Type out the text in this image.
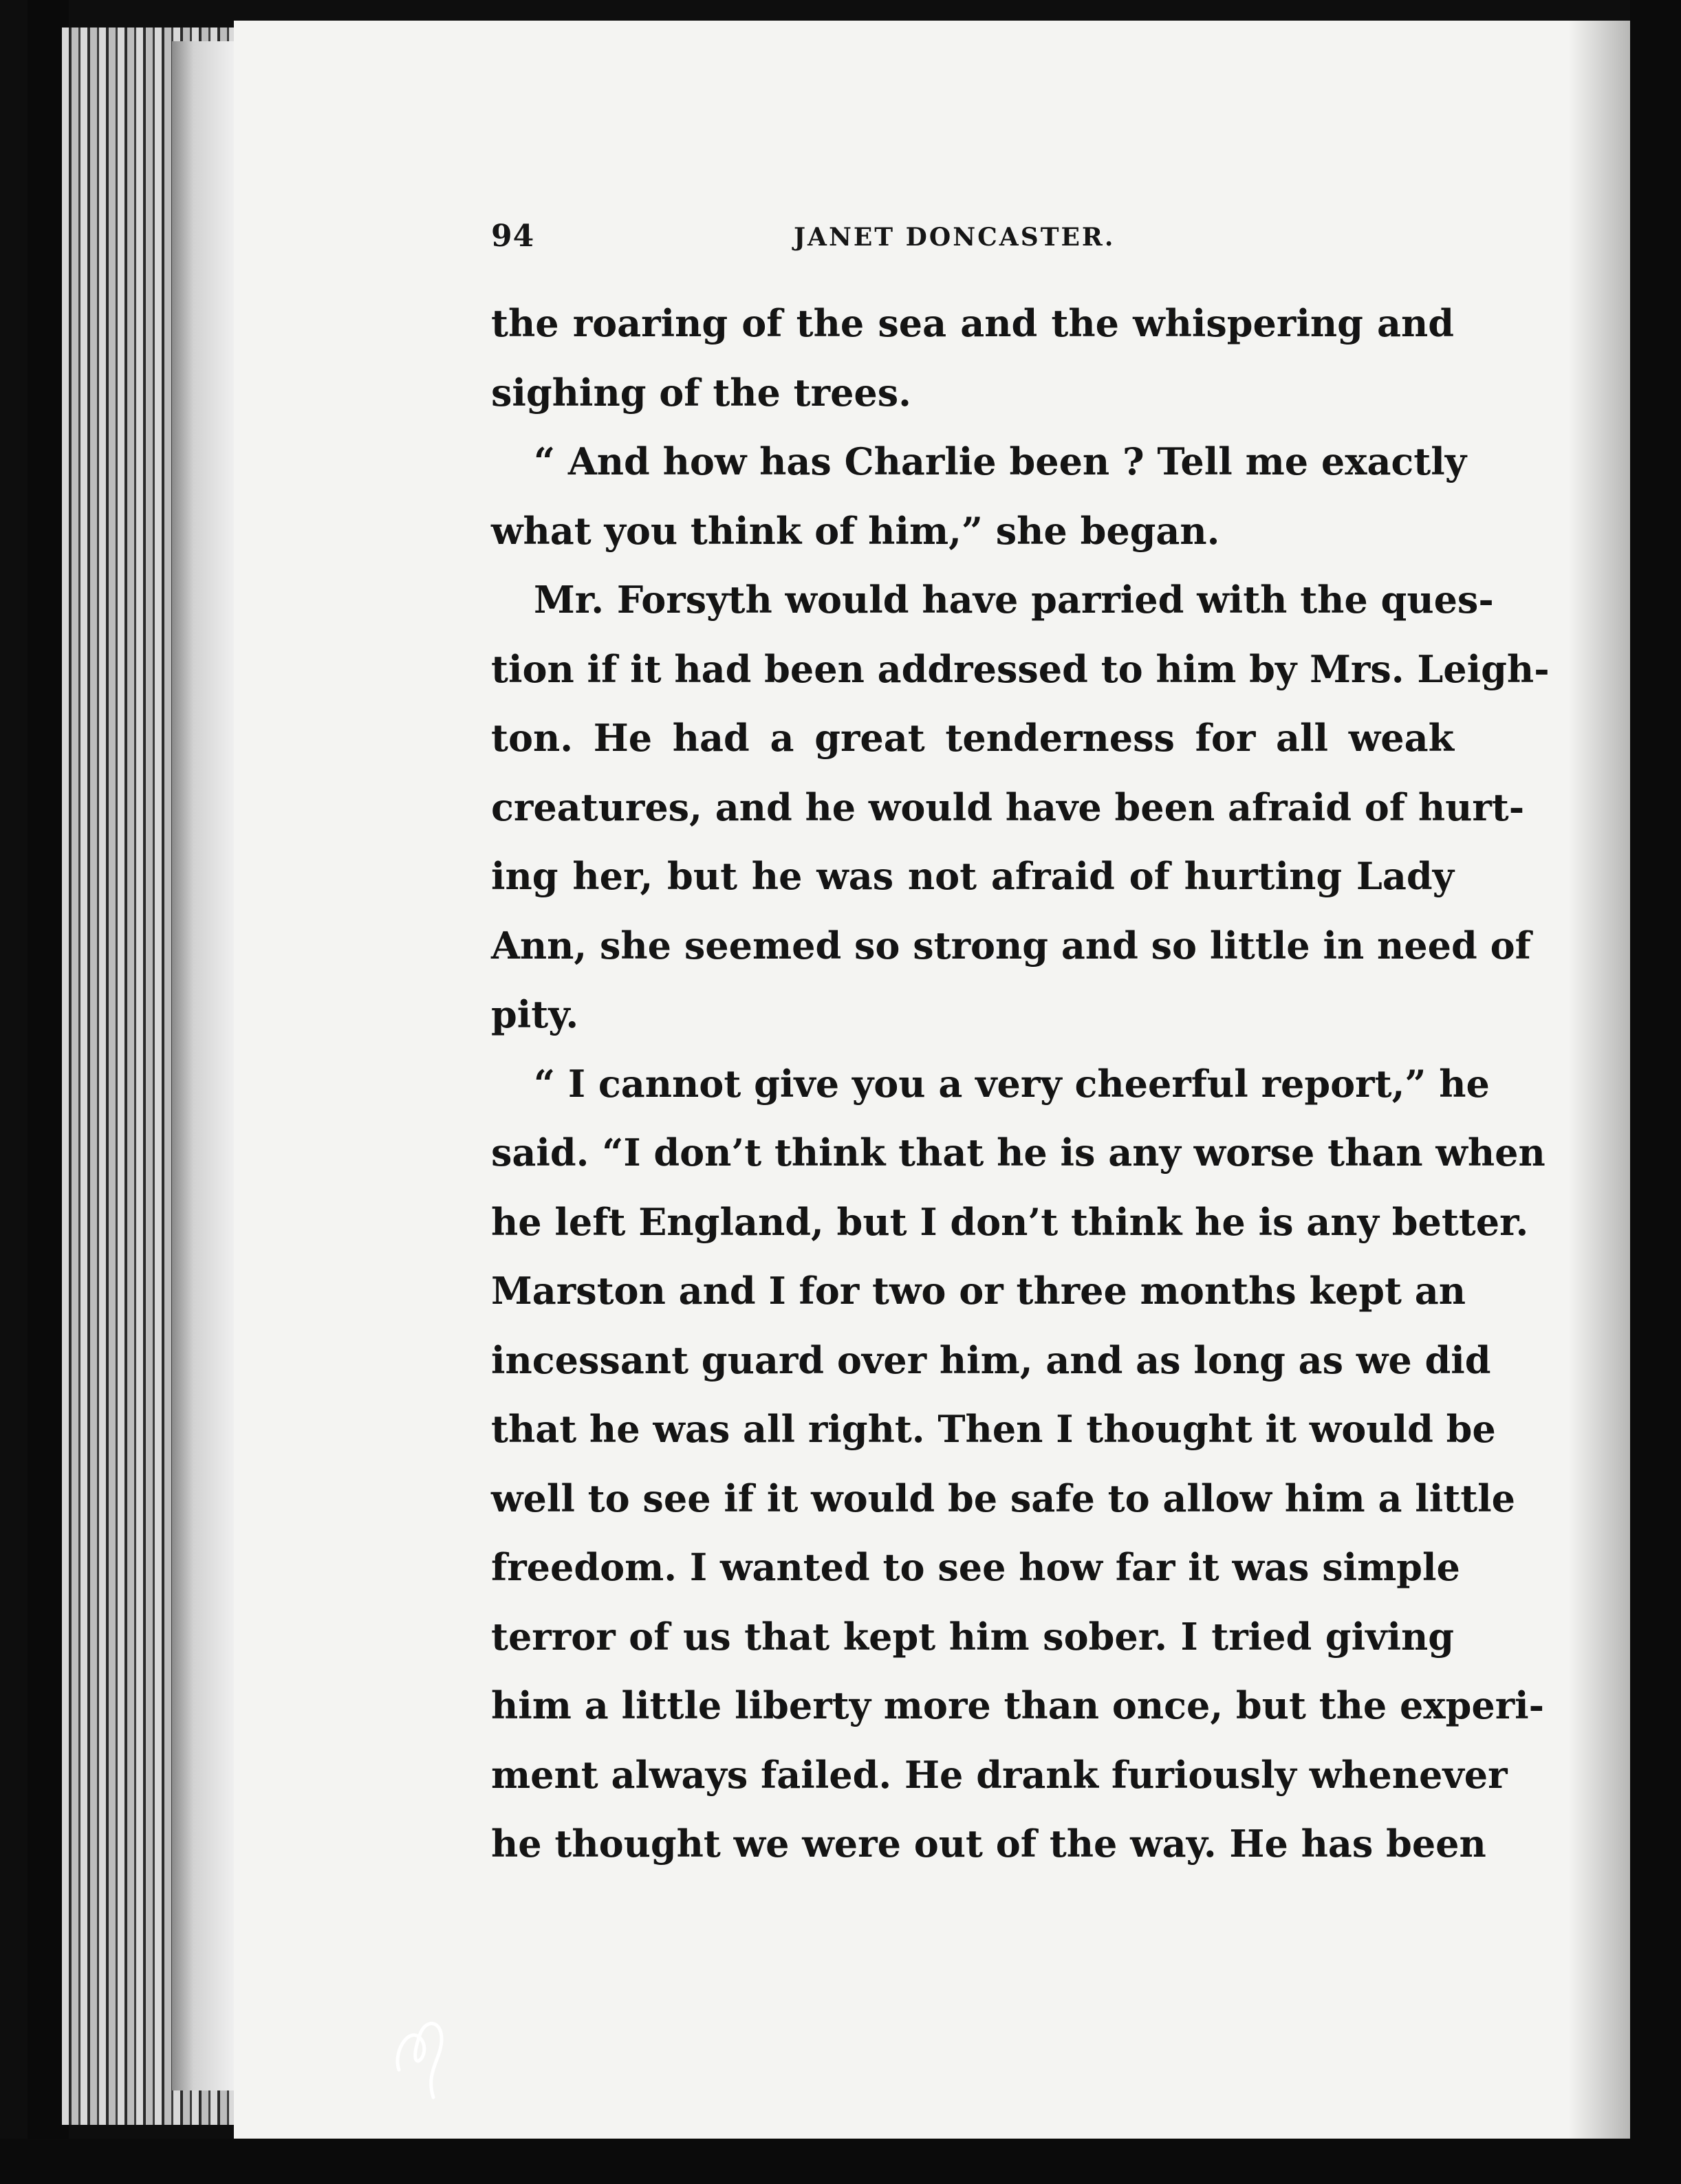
94	JANET DONCASTER.
the roaring of the sea and the whispering and
sighing of the trees.
“ And how has Charlie been ? Tell me exactly
what you think of him,” she began.
Mr. Forsyth would have parried with the ques-
tion if it had been addressed to him by Mrs. Leigh-
ton. He had a great tenderness for all weak
creatures, and he would have been afraid of hurt-
ing her, but he was not afraid of hurting Lady
Ann, she seemed so strong and so little in need of
pity.
“ I cannot give you a very cheerful report,” he
said. “I don’t think that he is any worse than when
he left England, but I don’t think he is any better.
Marston and I for two or three months kept an
incessant guard over him, and as long as we did
that he was all right. Then I thought it would be
well to see if it would be safe to allow him a little
freedom. I wanted to see how far it was simple
terror of us that kept him sober. I tried giving
him a little liberty more than once, but the experi-
ment always failed. He drank furiously whenever
he thought we were out of the way. He has been
